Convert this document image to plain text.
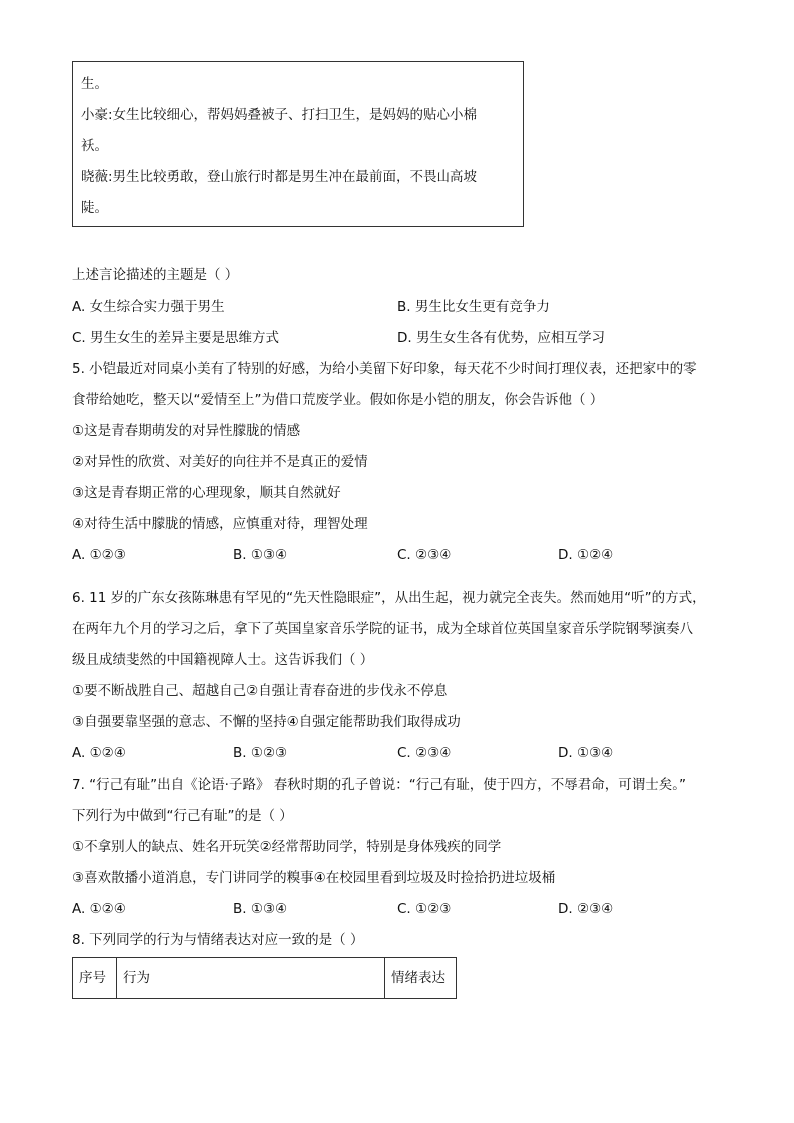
生。
小豪:女生比较细心，帮妈妈叠被子、打扫卫生，是妈妈的贴心小棉
袄。
晓薇:男生比较勇敢，登山旅行时都是男生冲在最前面，不畏山高坡
陡。
上述言论描述的主题是（ ）
A. 女生综合实力强于男生	B. 男生比女生更有竞争力
C. 男生女生的差异主要是思维方式	D. 男生女生各有优势，应相互学习
5. 小铠最近对同桌小美有了特别的好感，为给小美留下好印象，每天花不少时间打理仪表，还把家中的零
食带给她吃，整天以“爱情至上”为借口荒废学业。假如你是小铠的朋友，你会告诉他（ ）
①这是青春期萌发的对异性朦胧的情感
②对异性的欣赏、对美好的向往并不是真正的爱情
③这是青春期正常的心理现象，顺其自然就好
④对待生活中朦胧的情感，应慎重对待，理智处理
A. ①②③	B. ①③④	C. ②③④	D. ①②④
6. 11 岁的广东女孩陈琳患有罕见的“先天性隐眼症”，从出生起，视力就完全丧失。然而她用“听”的方式，
在两年九个月的学习之后，拿下了英国皇家音乐学院的证书，成为全球首位英国皇家音乐学院钢琴演奏八
级且成绩斐然的中国籍视障人士。这告诉我们（ ）
①要不断战胜自己、超越自己②自强让青春奋进的步伐永不停息
③自强要靠坚强的意志、不懈的坚持④自强定能帮助我们取得成功
A. ①②④	B. ①②③	C. ②③④	D. ①③④
7. “行己有耻”出自《论语·子路》 春秋时期的孔子曾说：“行己有耻，使于四方，不辱君命，可谓士矣。”
下列行为中做到“行己有耻”的是（ ）
①不拿别人的缺点、姓名开玩笑②经常帮助同学，特别是身体残疾的同学
③喜欢散播小道消息，专门讲同学的糗事④在校园里看到垃圾及时捡拾扔进垃圾桶
A. ①②④	B. ①③④	C. ①②③	D. ②③④
8. 下列同学的行为与情绪表达对应一致的是（ ）
序号	行为	情绪表达
